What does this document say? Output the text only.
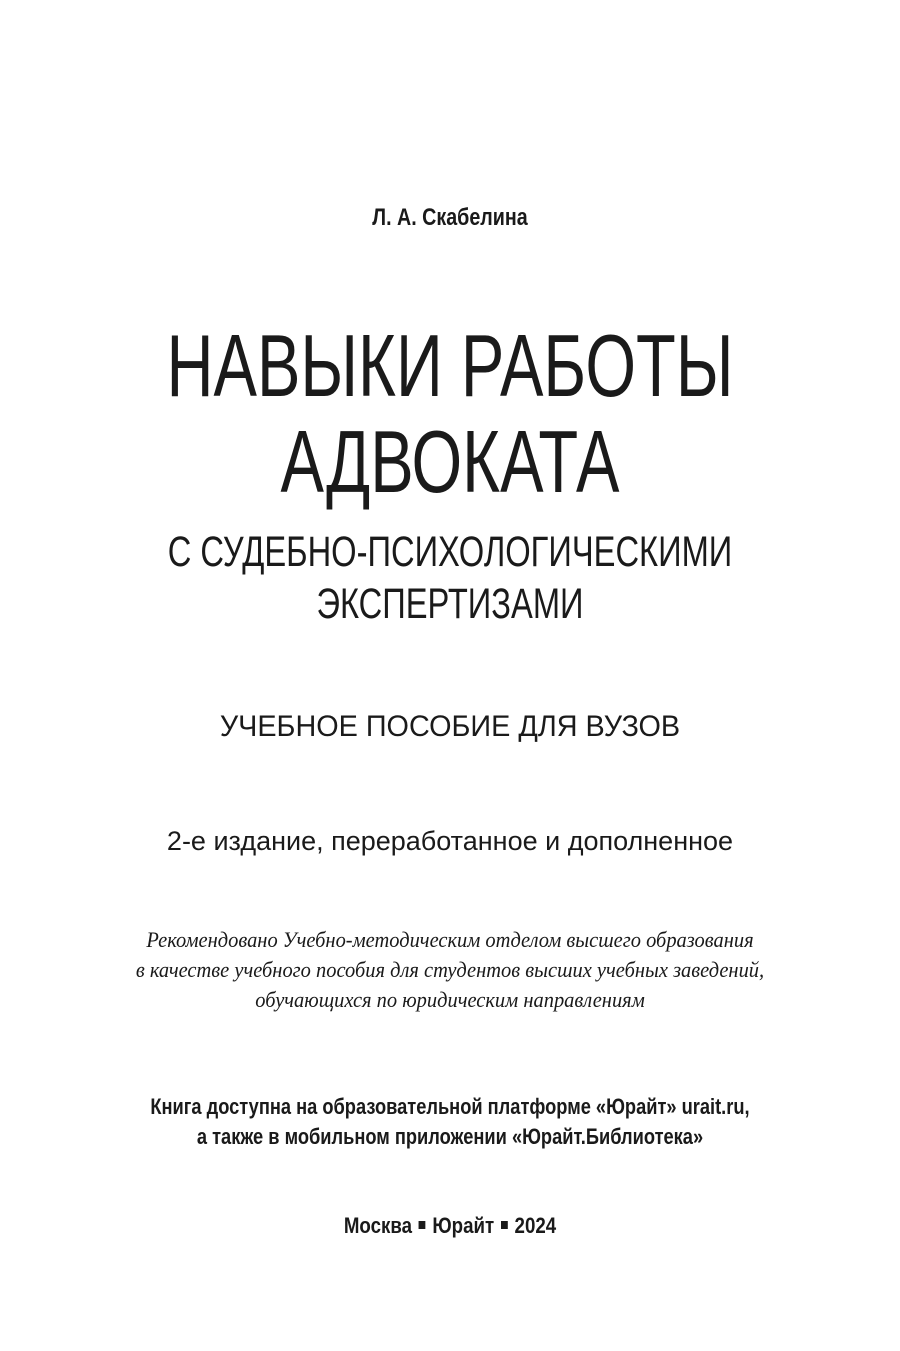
Л. А. Скабелина
НАВЫКИ РАБОТЫ
АДВОКАТА
С СУДЕБНО-ПСИХОЛОГИЧЕСКИМИ
ЭКСПЕРТИЗАМИ
УЧЕБНОЕ ПОСОБИЕ ДЛЯ ВУЗОВ
2-е издание, переработанное и дополненное
Рекомендовано Учебно-методическим отделом высшего образования
в качестве учебного пособия для студентов высших учебных заведений,
обучающихся по юридическим направлениям
Книга доступна на образовательной платформе «Юрайт» urait.ru,
а также в мобильном приложении «Юрайт.Библиотека»
Москва Юрайт 2024
